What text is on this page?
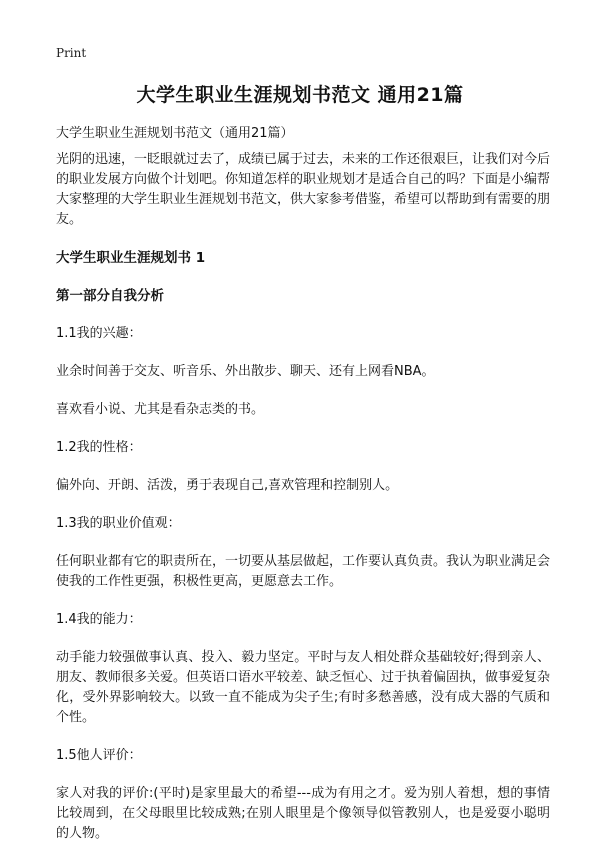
Print
大学生职业生涯规划书范文 通用21篇
大学生职业生涯规划书范文（通用21篇）

光阴的迅速，一眨眼就过去了，成绩已属于过去，未来的工作还很艰巨，让我们对今后的职业发展方向做个计划吧。你知道怎样的职业规划才是适合自己的吗？下面是小编帮大家整理的大学生职业生涯规划书范文，供大家参考借鉴，希望可以帮助到有需要的朋友。

大学生职业生涯规划书 1

第一部分自我分析

1.1我的兴趣：

业余时间善于交友、听音乐、外出散步、聊天、还有上网看NBA。

喜欢看小说、尤其是看杂志类的书。

1.2我的性格：

偏外向、开朗、活泼，勇于表现自己,喜欢管理和控制别人。

1.3我的职业价值观：

任何职业都有它的职责所在，一切要从基层做起，工作要认真负责。我认为职业满足会使我的工作性更强，积极性更高，更愿意去工作。

1.4我的能力：

动手能力较强做事认真、投入、毅力坚定。平时与友人相处群众基础较好;得到亲人、朋友、教师很多关爱。但英语口语水平较差、缺乏恒心、过于执着偏固执，做事爱复杂化，受外界影响较大。以致一直不能成为尖子生;有时多愁善感，没有成大器的气质和个性。

1.5他人评价：

家人对我的评价:(平时)是家里最大的希望---成为有用之才。爱为别人着想，想的事情比较周到，在父母眼里比较成熟;在别人眼里是个像领导似管教别人，也是爱耍小聪明的人物。
